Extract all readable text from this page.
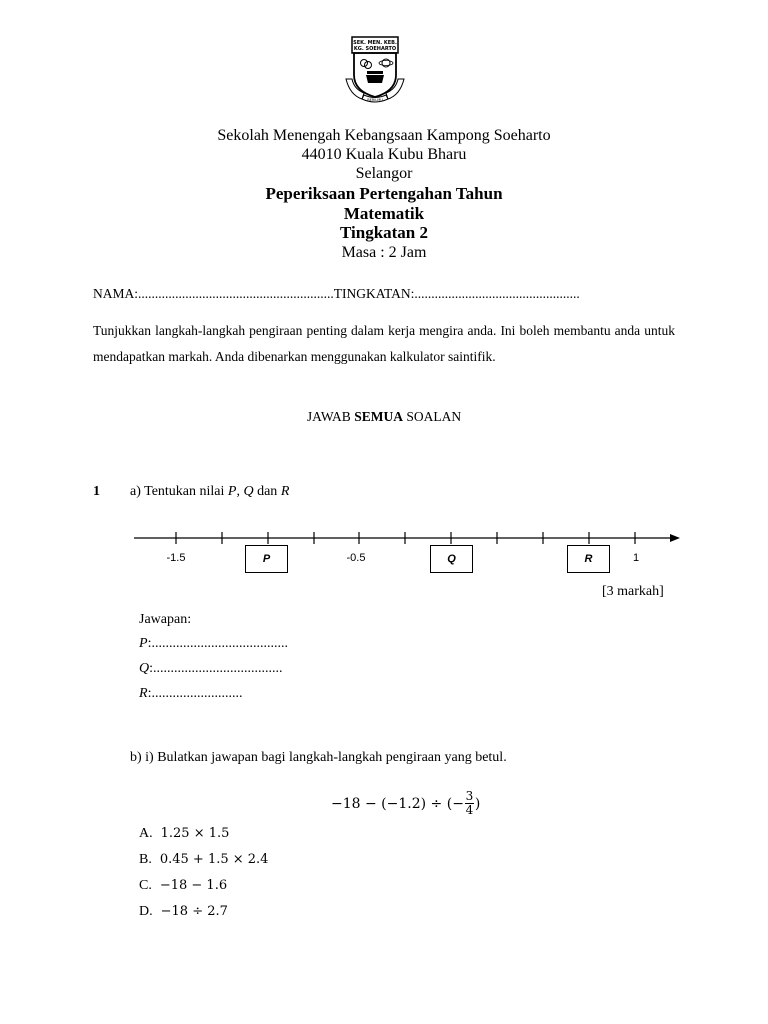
SEK. MEN. KEB.
KG. SOEHARTO
BERILMU
Sekolah Menengah Kebangsaan Kampong Soeharto
44010 Kuala Kubu Bharu
Selangor
Peperiksaan Pertengahan Tahun
Matematik
Tingkatan 2
Masa : 2 Jam
NAMA:..........................................................TINGKATAN:.................................................
Tunjukkan langkah-langkah pengiraan penting dalam kerja mengira anda. Ini boleh membantu anda untuk mendapatkan markah. Anda dibenarkan menggunakan kalkulator saintifik.
JAWAB SEMUA SOALAN
1 a) Tentukan nilai P, Q dan R
-1.5	-0.5	1
P	Q	R
[3 markah]
Jawapan:
P:.......................................
Q:.....................................
R:..........................
b) i) Bulatkan jawapan bagi langkah-langkah pengiraan yang betul.
−18 − (−1.2) ÷ (− $\frac{3}{4}$ )
A. 1.25 × 1.5
B. 0.45 + 1.5 × 2.4
C. −18 − 1.6
D. −18 ÷ 2.7
